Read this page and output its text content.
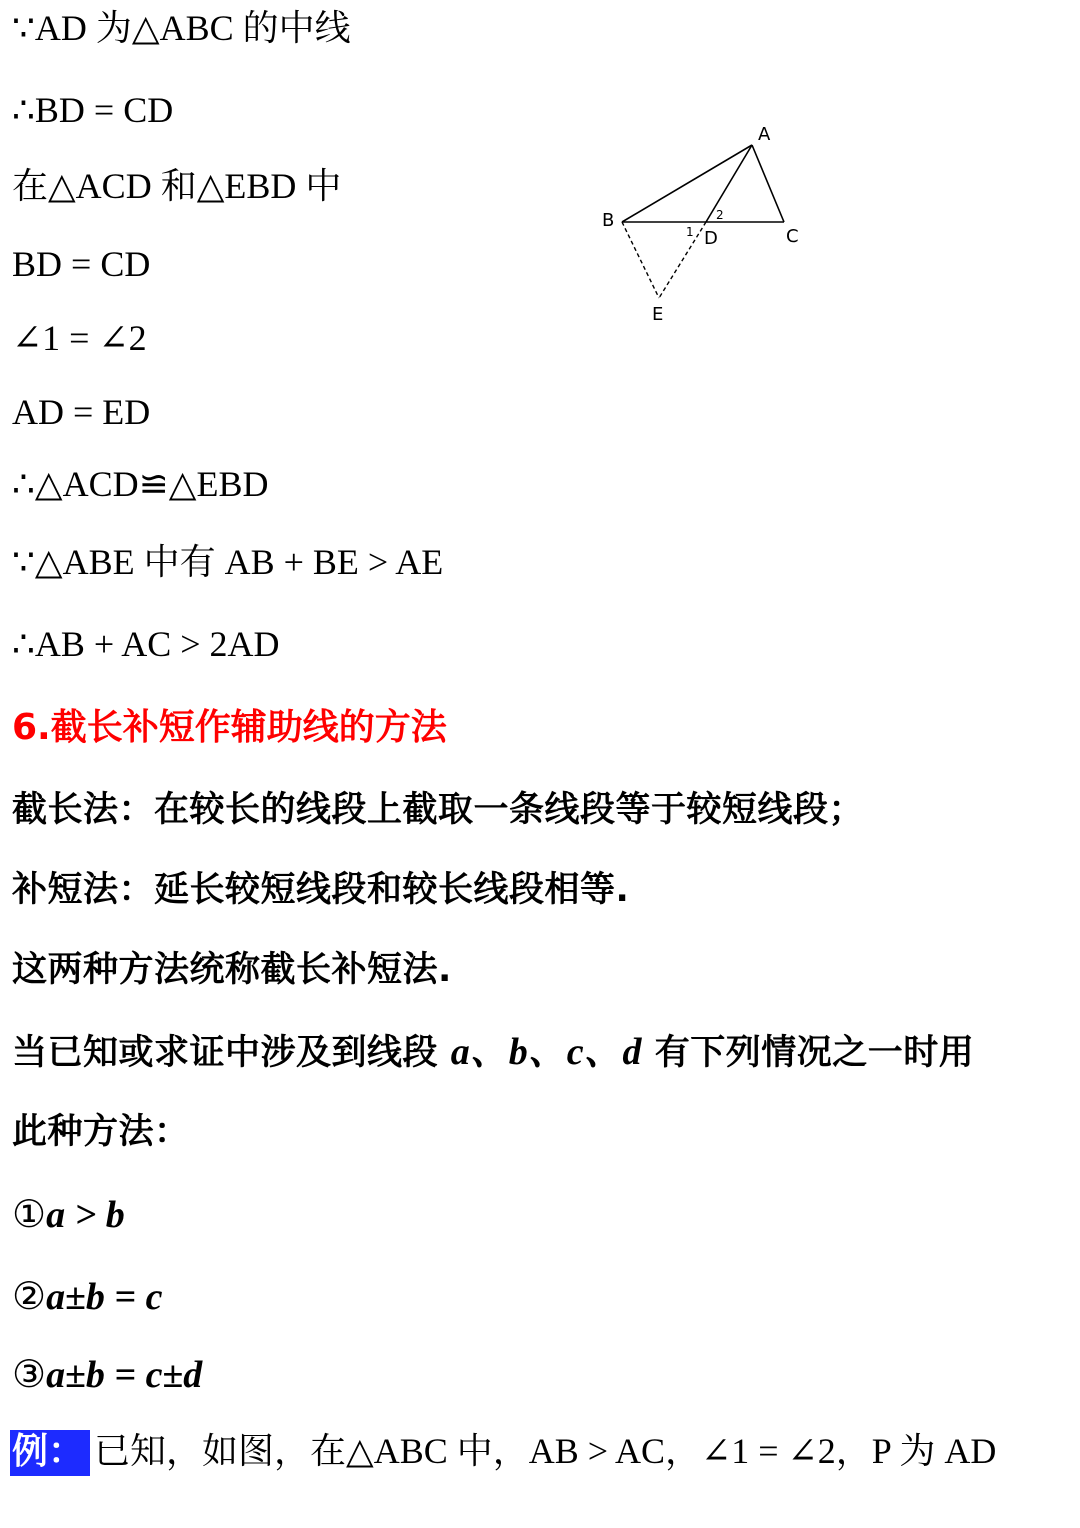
∵AD 为△ABC 的中线
∴BD = CD
在△ACD 和△EBD 中
BD = CD
∠1 = ∠2
AD = ED
∴△ACD≌△EBD
∵△ABE 中有 AB + BE > AE
∴AB + AC > 2AD
A
B
C
D
E
1
2
6.截长补短作辅助线的方法
截长法：在较长的线段上截取一条线段等于较短线段；
补短法：延长较短线段和较长线段相等.
这两种方法统称截长补短法.
当已知或求证中涉及到线段 a、b、c、d 有下列情况之一时用
此种方法：
①a > b
②a±b = c
③a±b = c±d
例： 已知，如图，在△ABC 中，AB > AC，∠1 = ∠2，P 为 AD
